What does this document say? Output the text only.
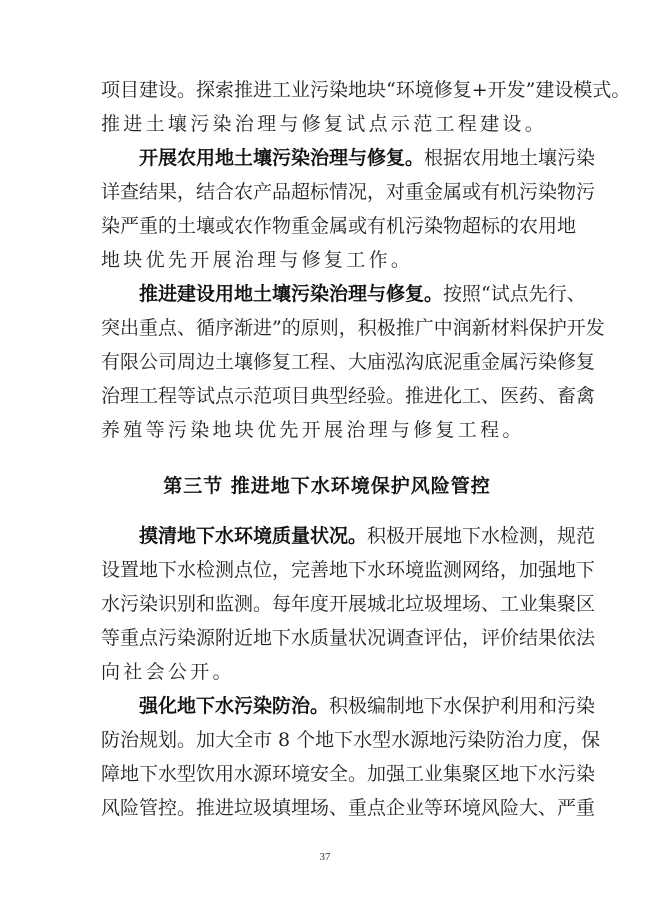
项目建设。探索推进工业污染地块“环境修复+开发”建设模式。
推进土壤污染治理与修复试点示范工程建设。
开展农用地土壤污染治理与修复。根据农用地土壤污染
详查结果，结合农产品超标情况，对重金属或有机污染物污
染严重的土壤或农作物重金属或有机污染物超标的农用地
地块优先开展治理与修复工作。
推进建设用地土壤污染治理与修复。按照“试点先行、
突出重点、循序渐进”的原则，积极推广中润新材料保护开发
有限公司周边土壤修复工程、大庙泓沟底泥重金属污染修复
治理工程等试点示范项目典型经验。推进化工、医药、畜禽
养殖等污染地块优先开展治理与修复工程。
第三节 推进地下水环境保护风险管控
摸清地下水环境质量状况。积极开展地下水检测，规范
设置地下水检测点位，完善地下水环境监测网络，加强地下
水污染识别和监测。每年度开展城北垃圾埋场、工业集聚区
等重点污染源附近地下水质量状况调查评估，评价结果依法
向社会公开。
强化地下水污染防治。积极编制地下水保护利用和污染
防治规划。加大全市 8 个地下水型水源地污染防治力度，保
障地下水型饮用水源环境安全。加强工业集聚区地下水污染
风险管控。推进垃圾填埋场、重点企业等环境风险大、严重
37
